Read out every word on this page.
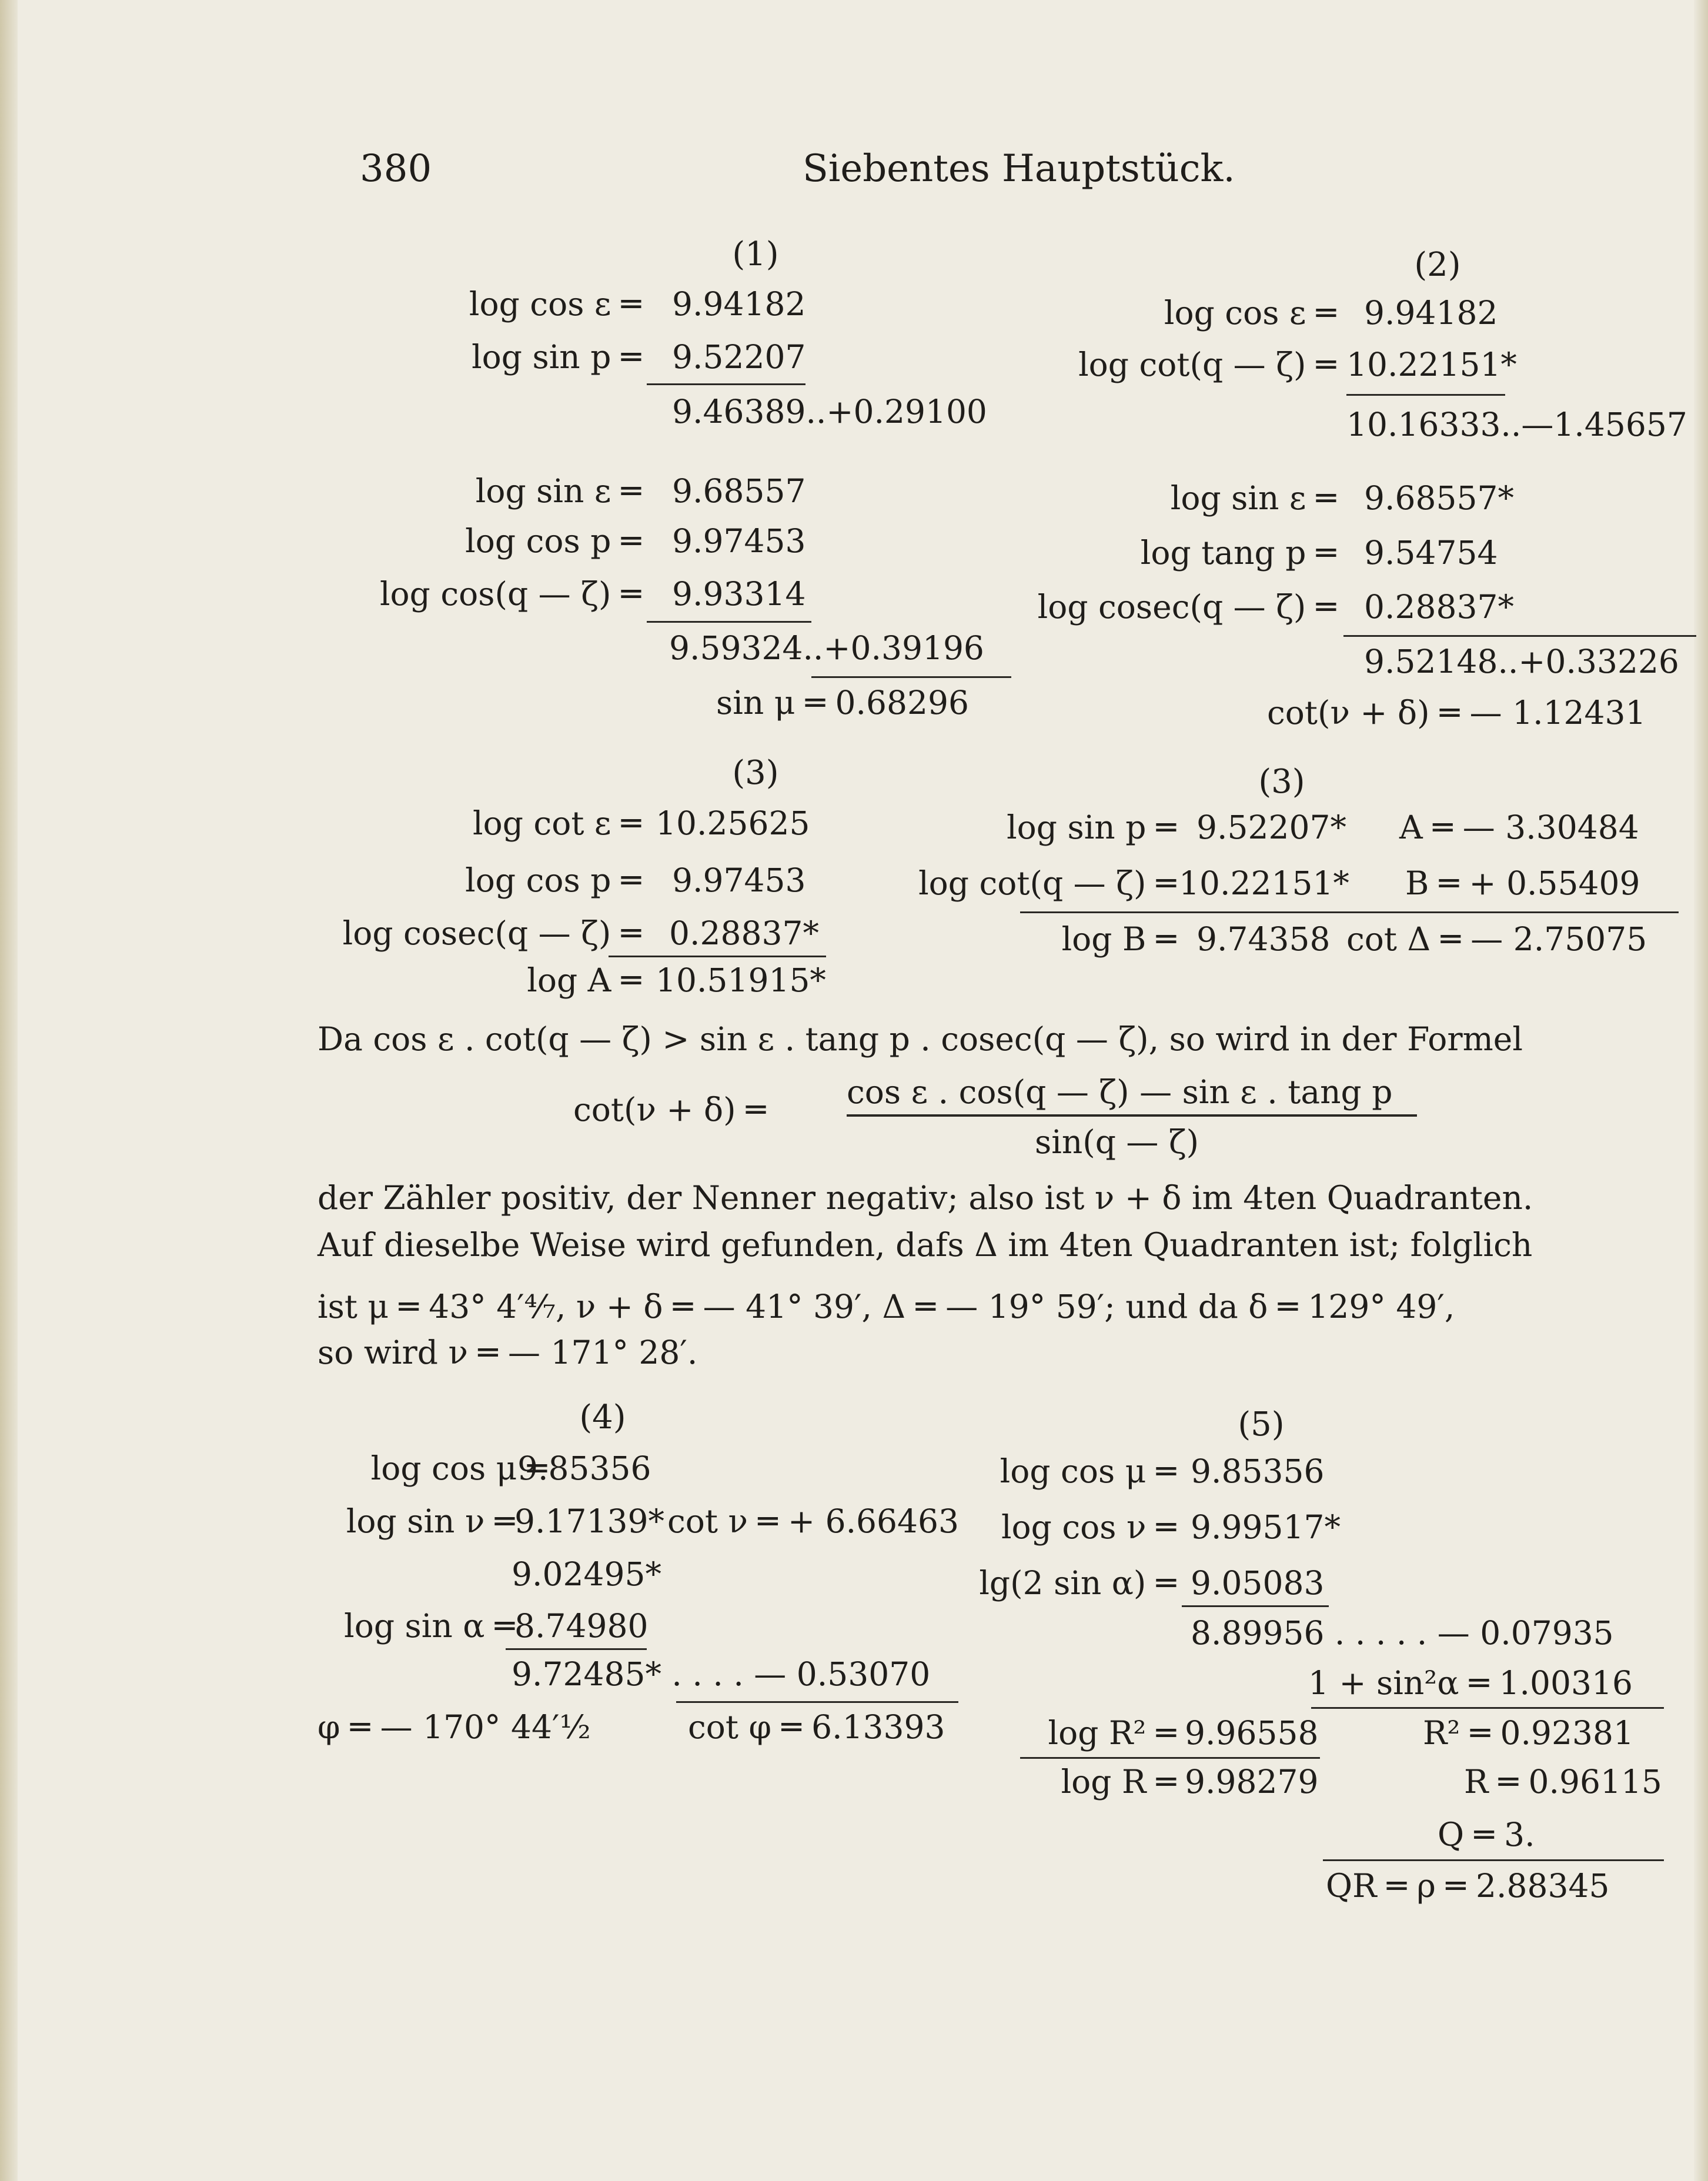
380	Siebentes Hauptstück.
(1)
log cos ε ═ 9.94182
log sin p ═ 9.52207
9.46389..+0.29100
log sin ε ═ 9.68557
log cos p ═ 9.97453
log cos(q — ζ) ═ 9.93314
9.59324..+0.39196
sin μ ═ 0.68296
(2)
log cos ε ═ 9.94182
log cot(q — ζ) ═ 10.22151*
10.16333..—1.45657
log sin ε ═ 9.68557*
log tang p ═ 9.54754
log cosec(q — ζ) ═ 0.28837*
9.52148..+0.33226
cot(ν + δ) ═ — 1.12431
(3)
log cot ε ═ 10.25625
log cos p ═ 9.97453
log cosec(q — ζ) ═ 0.28837*
log A ═ 10.51915*
(3)
log sin p ═ 9.52207* A ═ — 3.30484
log cot(q — ζ) ═ 10.22151* B ═ + 0.55409
log B ═ 9.74358 cot Δ ═ — 2.75075
Da cos ε . cot(q — ζ) > sin ε . tang p . cosec(q — ζ), so wird in der Formel
cot(ν + δ) ═	cos ε . cos(q — ζ) — sin ε . tang p
sin(q — ζ)
der Zähler positiv, der Nenner negativ; also ist ν + δ im 4ten Quadranten.
Auf dieselbe Weise wird gefunden, dafs Δ im 4ten Quadranten ist; folglich
ist μ ═ 43° 4′⁴⁄₇, ν + δ ═ — 41° 39′, Δ ═ — 19° 59′; und da δ ═ 129° 49′,
so wird ν ═ — 171° 28′.
(4)
log cos μ ═
9.85356
log sin ν ═ 9.17139* cot ν ═ + 6.66463
9.02495*
log sin α ═ 8.74980
9.72485* . . . . — 0.53070
φ ═ — 170° 44′½	cot φ ═ 6.13393
(5)
log cos μ ═ 9.85356
log cos ν ═ 9.99517*
lg(2 sin α) ═ 9.05083
8.89956 . . . . . — 0.07935
1 + sin²α ═ 1.00316
log R² ═ 9.96558	R² ═ 0.92381
log R ═ 9.98279	R ═ 0.96115
Q ═ 3.
QR ═ ρ ═ 2.88345
